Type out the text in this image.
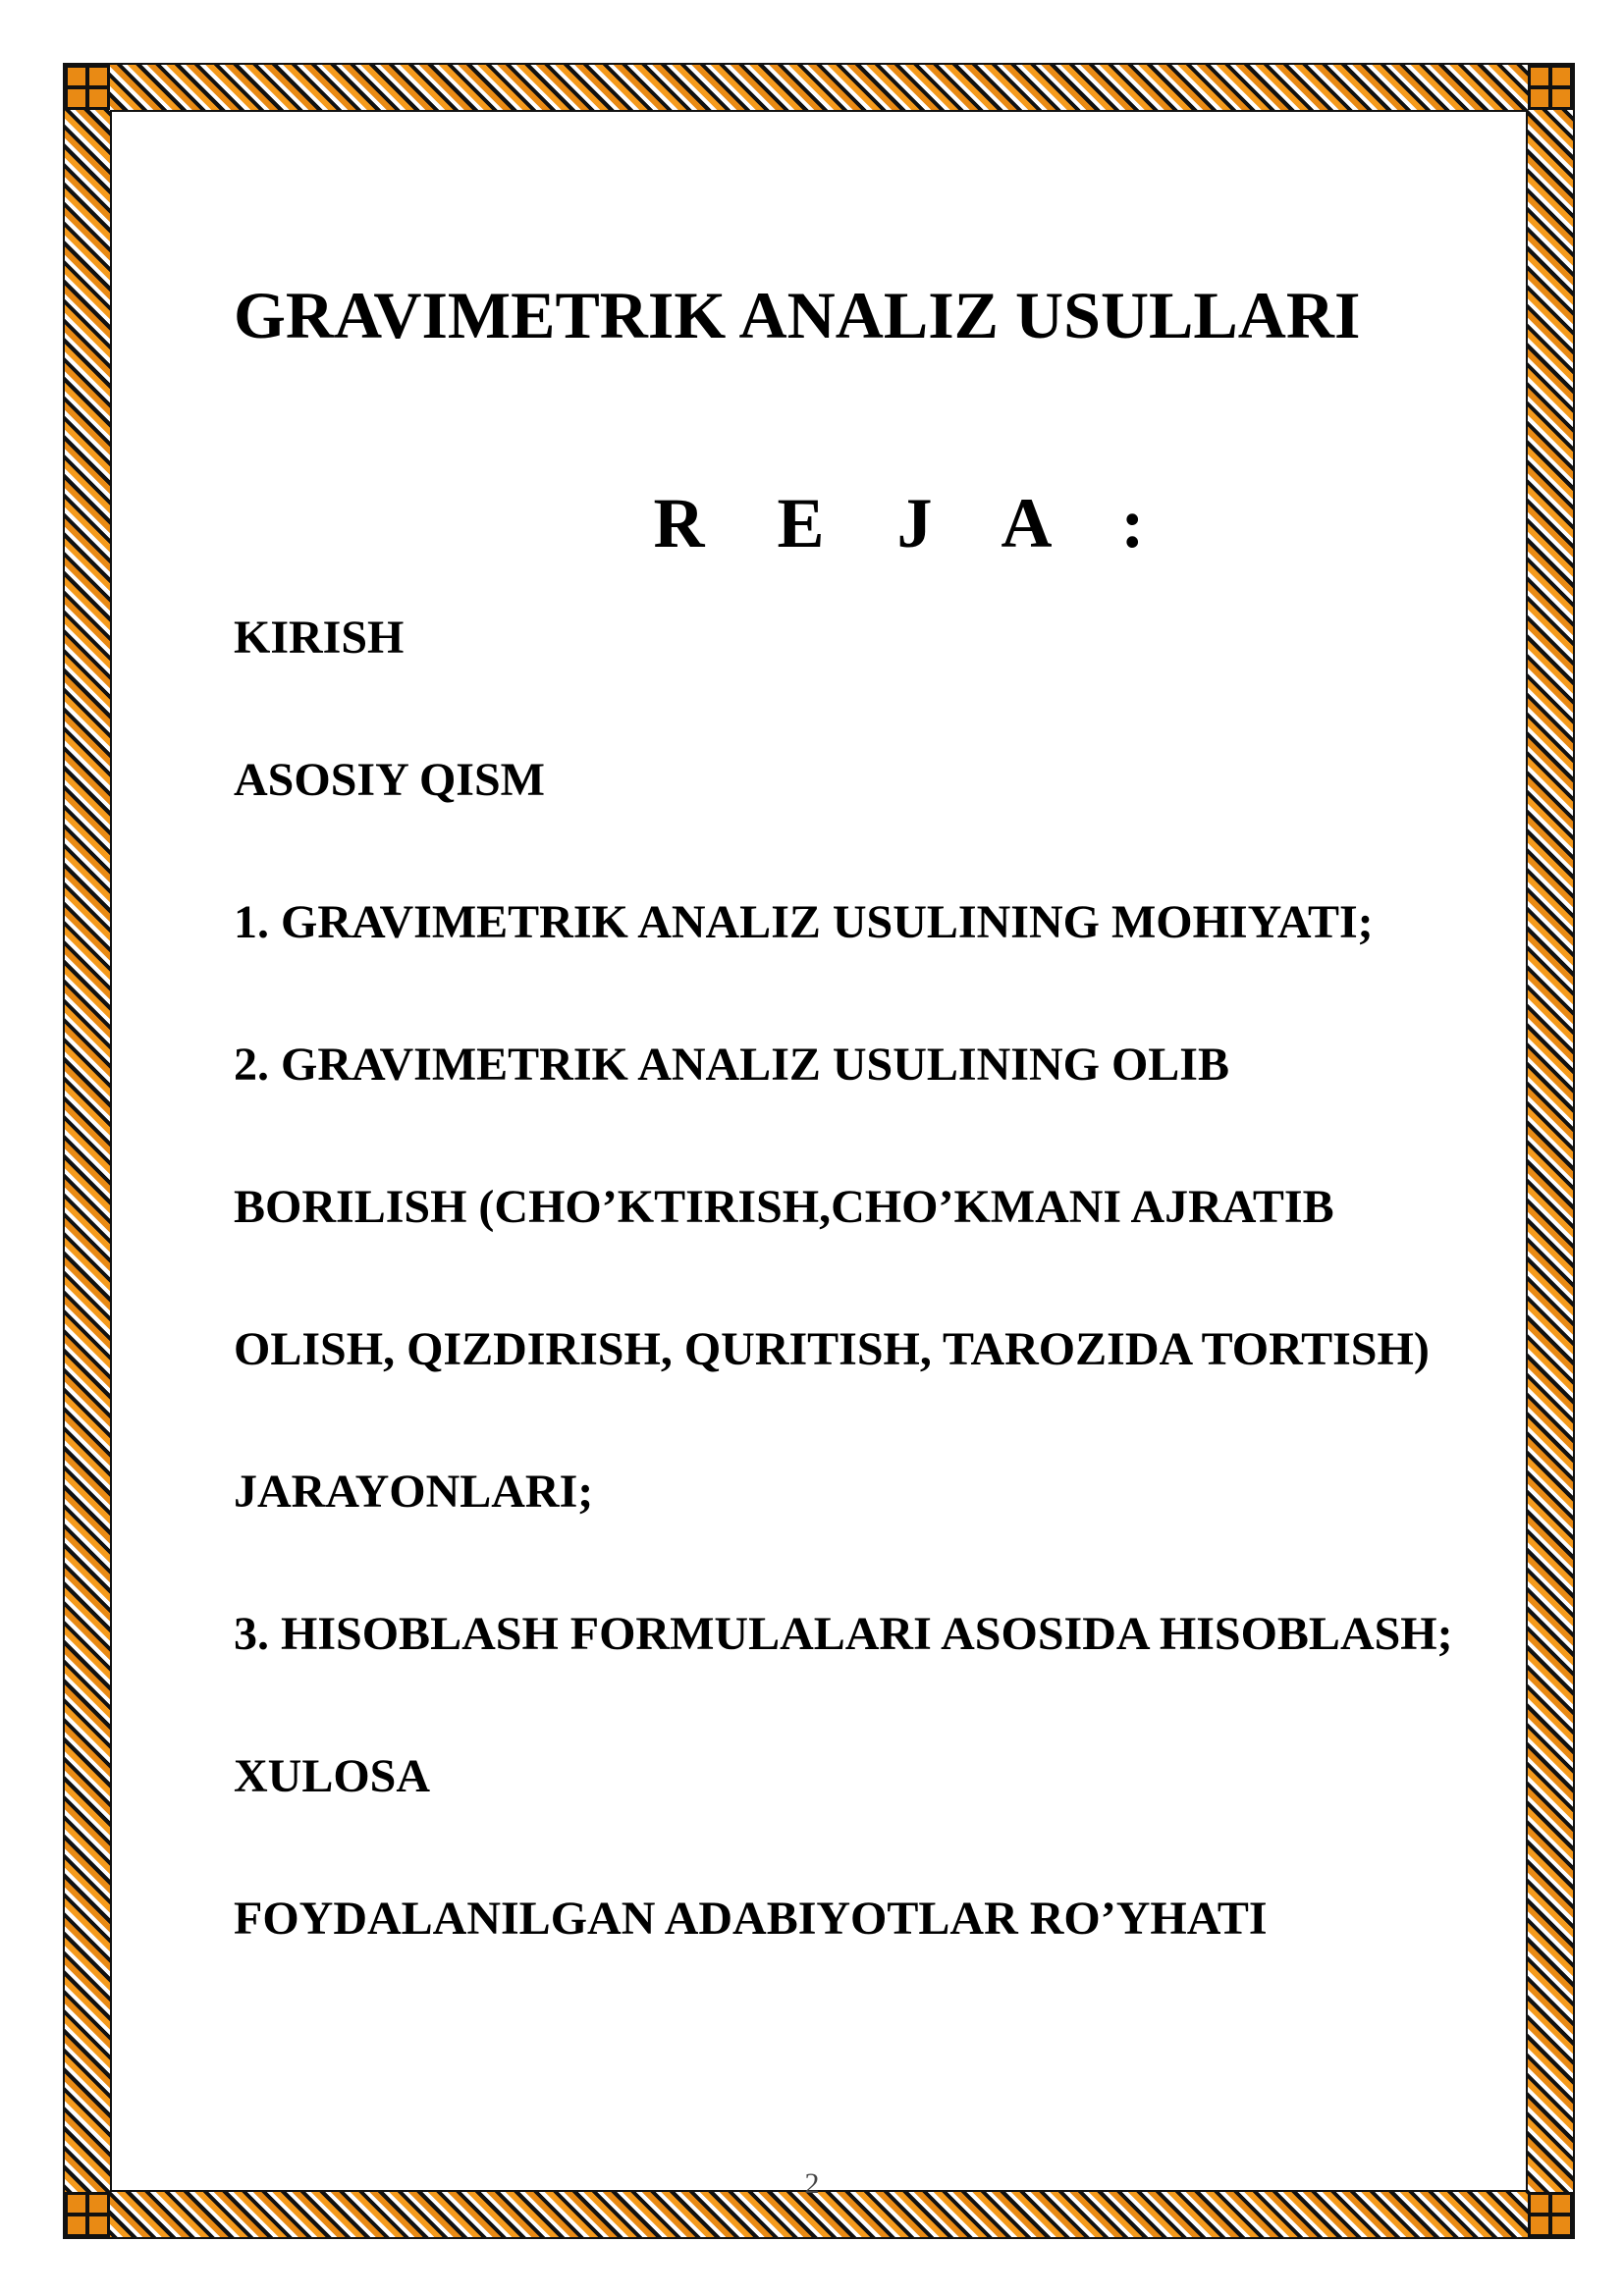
GRAVIMETRIK ANALIZ USULLARI
R E J A :

KIRISH

ASOSIY QISM

1. GRAVIMETRIK ANALIZ USULINING MOHIYATI;

2. GRAVIMETRIK ANALIZ USULINING OLIB

BORILISH (CHO’KTIRISH,CHO’KMANI AJRATIB

OLISH, QIZDIRISH, QURITISH, TAROZIDA TORTISH)

JARAYONLARI;

3. HISOBLASH FORMULALARI ASOSIDA HISOBLASH;

XULOSA

FOYDALANILGAN ADABIYOTLAR RO’YHATI

2
